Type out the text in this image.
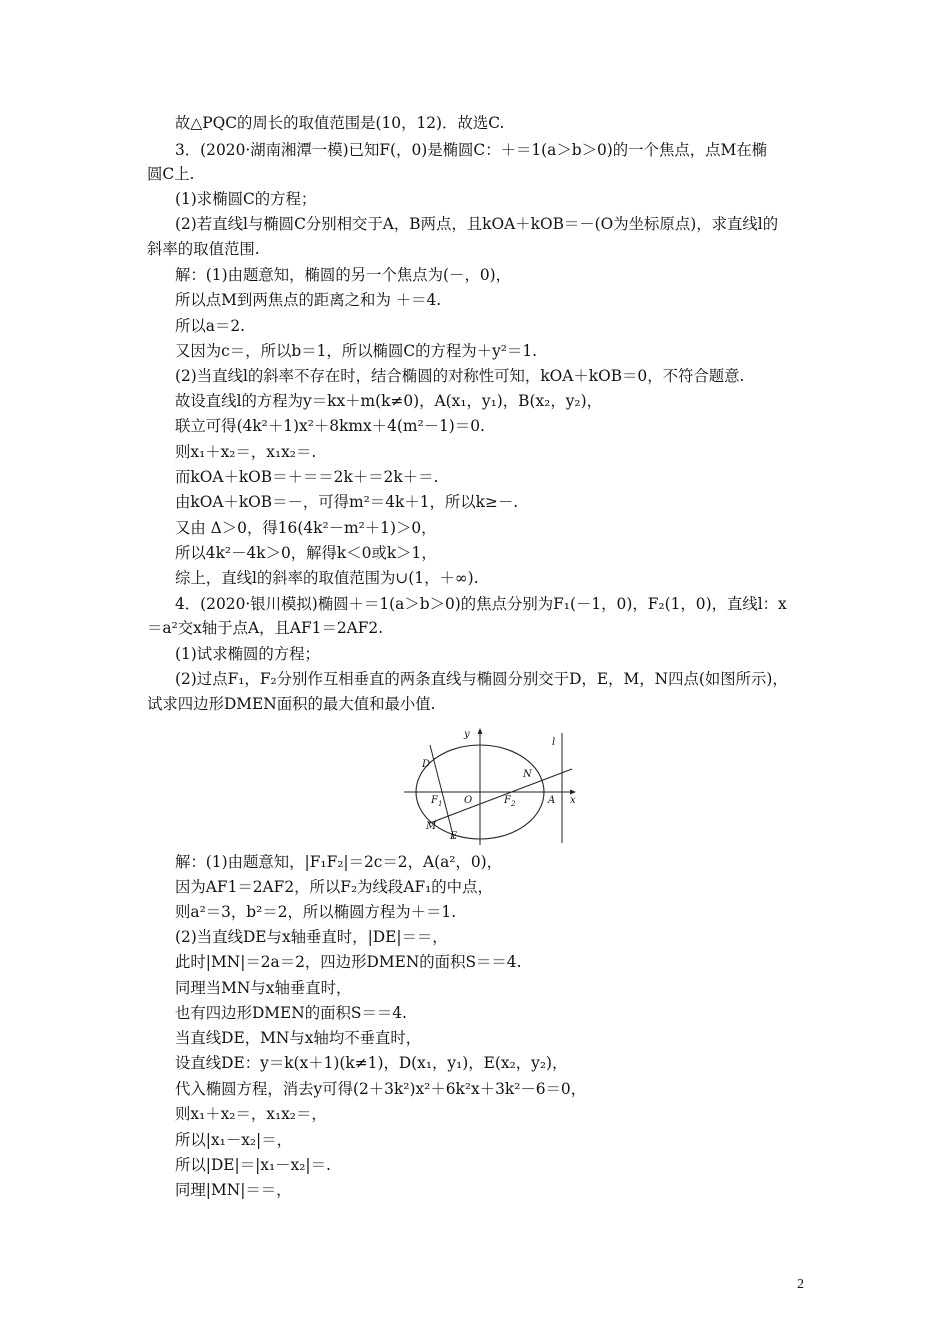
故△PQC的周长的取值范围是(10，12)．故选C.
3．(2020·湖南湘潭一模)已知F(，0)是椭圆C：＋＝1(a＞b＞0)的一个焦点，点M在椭
圆C上.
(1)求椭圆C的方程；
(2)若直线l与椭圆C分别相交于A，B两点，且kOA＋kOB＝－(O为坐标原点)，求直线l的
斜率的取值范围.
解：(1)由题意知，椭圆的另一个焦点为(－，0)，
所以点M到两焦点的距离之和为 ＋＝4.
所以a＝2.
又因为c＝，所以b＝1，所以椭圆C的方程为＋y²＝1.
(2)当直线l的斜率不存在时，结合椭圆的对称性可知，kOA＋kOB＝0，不符合题意.
故设直线l的方程为y＝kx＋m(k≠0)，A(x₁，y₁)，B(x₂，y₂)，
联立可得(4k²＋1)x²＋8kmx＋4(m²－1)＝0.
则x₁＋x₂＝，x₁x₂＝.
而kOA＋kOB＝＋＝＝2k＋＝2k＋＝.
由kOA＋kOB＝－，可得m²＝4k＋1，所以k≥－.
又由 Δ＞0，得16(4k²－m²＋1)＞0，
所以4k²－4k＞0，解得k＜0或k＞1，
综上，直线l的斜率的取值范围为∪(1，＋∞).
4．(2020·银川模拟)椭圆＋＝1(a＞b＞0)的焦点分别为F₁(－1，0)，F₂(1，0)，直线l：x
＝a²交x轴于点A，且AF1＝2AF2.
(1)试求椭圆的方程；
(2)过点F₁，F₂分别作互相垂直的两条直线与椭圆分别交于D，E，M，N四点(如图所示)，
试求四边形DMEN面积的最大值和最小值.
解：(1)由题意知，|F₁F₂|＝2c＝2，A(a²，0)，
因为AF1＝2AF2，所以F₂为线段AF₁的中点，
则a²＝3，b²＝2，所以椭圆方程为＋＝1.
(2)当直线DE与x轴垂直时，|DE|＝＝，
此时|MN|＝2a＝2，四边形DMEN的面积S＝＝4.
同理当MN与x轴垂直时，
也有四边形DMEN的面积S＝＝4.
当直线DE，MN与x轴均不垂直时，
设直线DE：y＝k(x＋1)(k≠1)，D(x₁，y₁)，E(x₂，y₂)，
代入椭圆方程，消去y可得(2＋3k²)x²＋6k²x＋3k²－6＝0，
则x₁＋x₂＝，x₁x₂＝，
所以|x₁－x₂|＝，
所以|DE|＝|x₁－x₂|＝.
同理|MN|＝＝，
y
l
D
N
$F_1$ O	$F_2$	A x
M
E
2
